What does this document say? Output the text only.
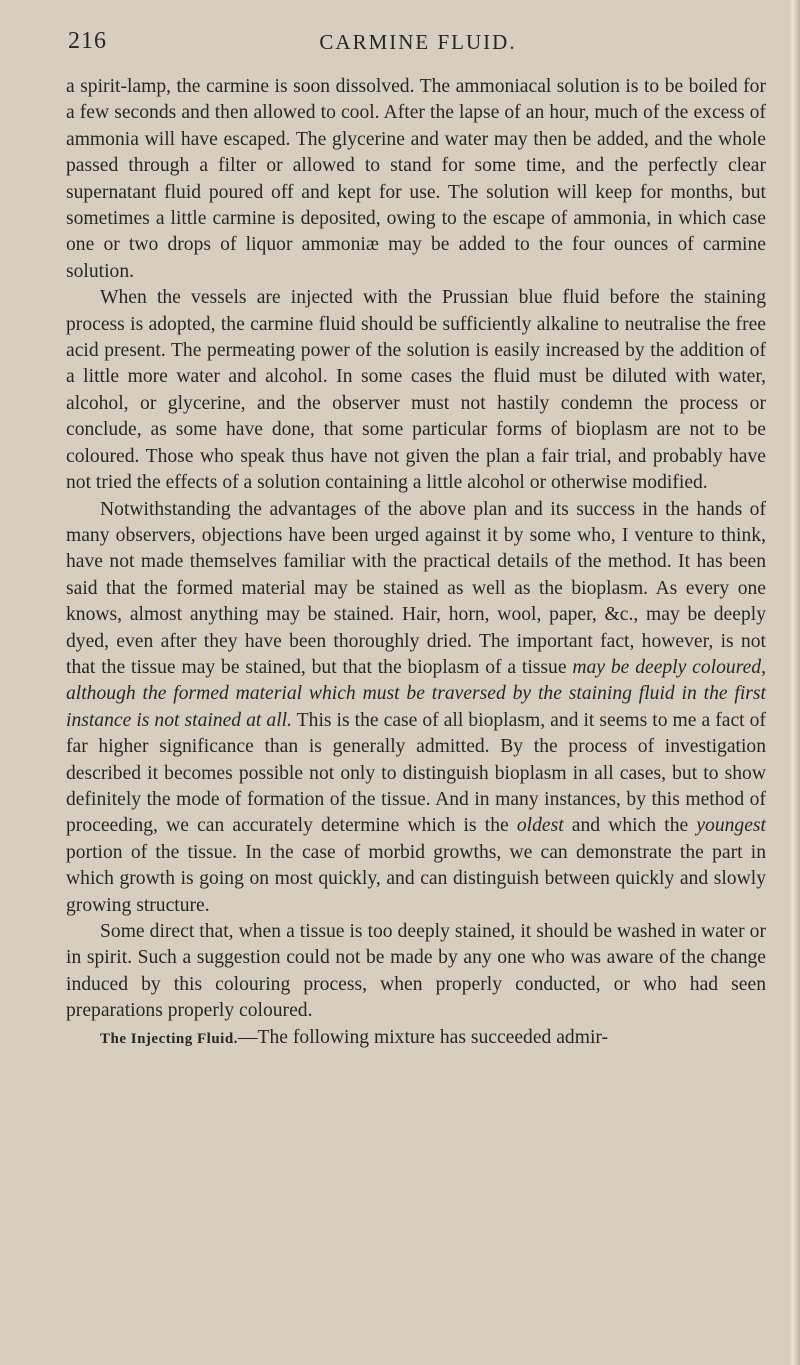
216	CARMINE FLUID.

a spirit-lamp, the carmine is soon dissolved. The ammoniacal solution is to be boiled for a few seconds and then allowed to cool. After the lapse of an hour, much of the excess of ammonia will have escaped. The glycerine and water may then be added, and the whole passed through a filter or allowed to stand for some time, and the perfectly clear supernatant fluid poured off and kept for use. The solution will keep for months, but sometimes a little carmine is deposited, owing to the escape of ammonia, in which case one or two drops of liquor ammoniæ may be added to the four ounces of carmine solution.

When the vessels are injected with the Prussian blue fluid before the staining process is adopted, the carmine fluid should be sufficiently alkaline to neutralise the free acid present. The permeating power of the solution is easily increased by the addition of a little more water and alcohol. In some cases the fluid must be diluted with water, alcohol, or glycerine, and the observer must not hastily condemn the process or conclude, as some have done, that some particular forms of bioplasm are not to be coloured. Those who speak thus have not given the plan a fair trial, and probably have not tried the effects of a solution containing a little alcohol or otherwise modified.

Notwithstanding the advantages of the above plan and its success in the hands of many observers, objections have been urged against it by some who, I venture to think, have not made themselves familiar with the practical details of the method. It has been said that the formed material may be stained as well as the bioplasm. As every one knows, almost anything may be stained. Hair, horn, wool, paper, &c., may be deeply dyed, even after they have been thoroughly dried. The important fact, however, is not that the tissue may be stained, but that the bioplasm of a tissue may be deeply coloured, although the formed material which must be traversed by the staining fluid in the first instance is not stained at all. This is the case of all bioplasm, and it seems to me a fact of far higher significance than is generally admitted. By the process of investigation described it becomes possible not only to distinguish bioplasm in all cases, but to show definitely the mode of formation of the tissue. And in many instances, by this method of proceeding, we can accurately determine which is the oldest and which the youngest portion of the tissue. In the case of morbid growths, we can demonstrate the part in which growth is going on most quickly, and can distinguish between quickly and slowly growing structure.

Some direct that, when a tissue is too deeply stained, it should be washed in water or in spirit. Such a suggestion could not be made by any one who was aware of the change induced by this colouring process, when properly conducted, or who had seen preparations properly coloured.

The Injecting Fluid.—The following mixture has succeeded admir-
